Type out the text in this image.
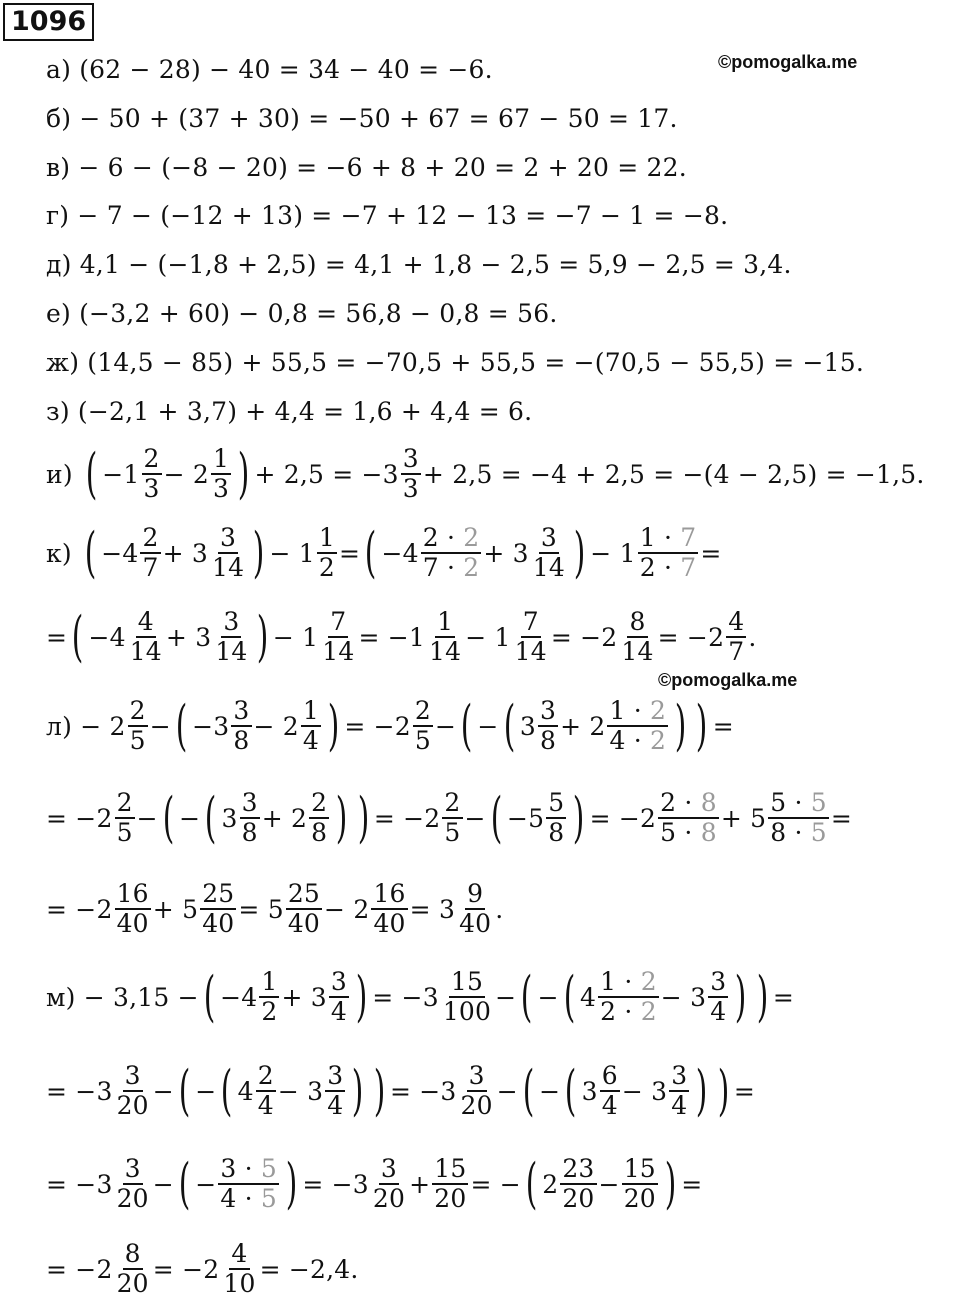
1096
©pomogalka.me
©pomogalka.me
а) (62 − 28) − 40 = 34 − 40 = −6.
б) − 50 + (37 + 30) = −50 + 67 = 67 − 50 = 17.
в) − 6 − (−8 − 20) = −6 + 8 + 20 = 2 + 20 = 22.
г) − 7 − (−12 + 13) = −7 + 12 − 13 = −7 − 1 = −8.
д) 4,1 − (−1,8 + 2,5) = 4,1 + 1,8 − 2,5 = 5,9 − 2,5 = 3,4.
е) (−3,2 + 60) − 0,8 = 56,8 − 0,8 = 56.
ж) (14,5 − 85) + 55,5 = −70,5 + 55,5 = −(70,5 − 55,5) = −15.
з) (−2,1 + 3,7) + 4,4 = 1,6 + 4,4 = 6.
и)
( $-1 \frac{2}{3} - 2 \frac{1}{3}$ ) + $2,5 = -3 \frac{3}{3} + 2,5 = -4 + 2,5 = -(4 - 2,5) = -1,5$.
к)
( $-4 \frac{2}{7} + 3 \frac{3}{14}$ ) − $1 \frac{1}{2}$ = ( $-4 \frac{2 \cdot 2}{7 \cdot 2} + 3 \frac{3}{14}$ ) − $1 \frac{1 \cdot 7}{2 \cdot 7}$ =
= ( $-4 \frac{4}{14} + 3 \frac{3}{14}$ ) − $1 \frac{7}{14} = -1 \frac{1}{14} - 1 \frac{7}{14} = -2 \frac{8}{14} = -2 \frac{4}{7}$ .
$л) - 2 \frac{2}{5}$ − ( $-3 \frac{3}{8} - 2 \frac{1}{4}$ ) = $-2 \frac{2}{5}$ − ( − ( $3 \frac{3}{8} + 2 \frac{1 \cdot 2}{4 \cdot 2}$ ) ) =
= $-2 \frac{2}{5}$ − ( − ( $3 \frac{3}{8} + 2 \frac{2}{8}$ ) ) = $-2 \frac{2}{5}$ − ( $-5 \frac{5}{8}$ ) = $-2 \frac{2 \cdot 8}{5 \cdot 8} + 5 \frac{5 \cdot 5}{8 \cdot 5}$ =
= $-2 \frac{16}{40} + 5 \frac{25}{40} = 5 \frac{25}{40} - 2 \frac{16}{40} = 3 \frac{9}{40}$ .
м) − 3,15 − ( $-4 \frac{1}{2} + 3 \frac{3}{4}$ ) = $-3 \frac{15}{100}$ − ( − ( $4 \frac{1 \cdot 2}{2 \cdot 2} - 3 \frac{3}{4}$ ) ) =
= $-3 \frac{3}{20}$ − ( − ( $4 \frac{2}{4} - 3 \frac{3}{4}$ ) ) = $-3 \frac{3}{20}$ − ( − ( $3 \frac{6}{4} - 3 \frac{3}{4}$ ) ) =
= $-3 \frac{3}{20}$ − ( − $\frac{3 \cdot 5}{4 \cdot 5}$ ) = $-3 \frac{3}{20} + \frac{15}{20}$ = − ( $2 \frac{23}{20} - \frac{15}{20}$ ) =
= $-2 \frac{8}{20} = -2 \frac{4}{10} = -2,4$.
